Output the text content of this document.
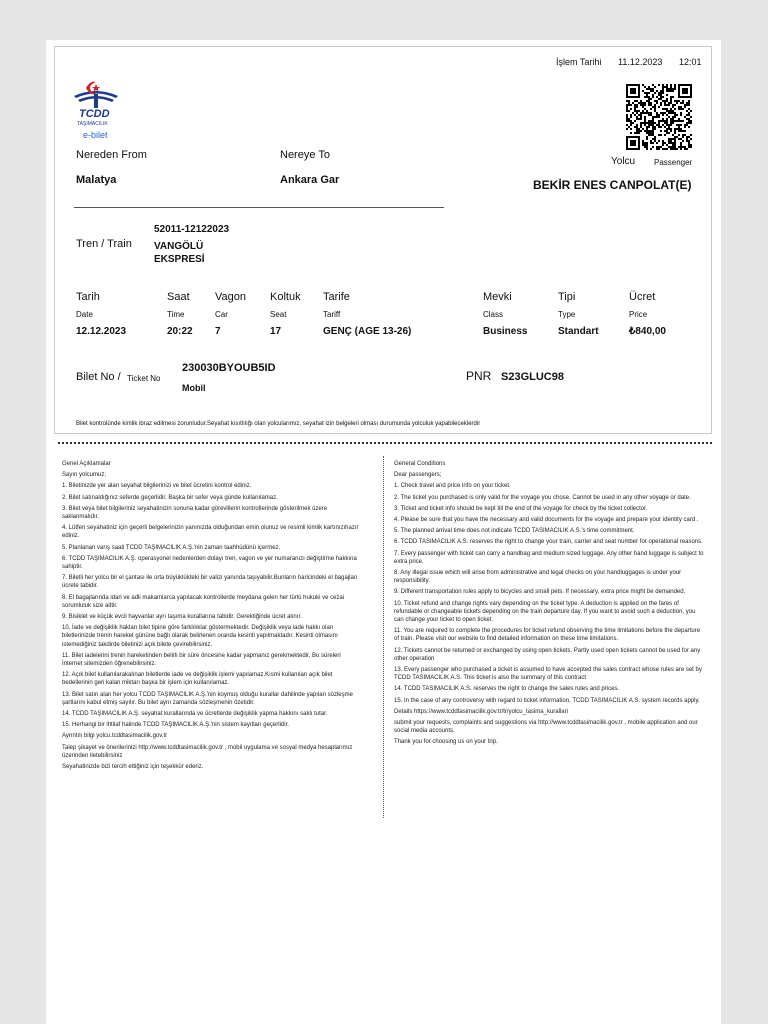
İşlem Tarihi 11.12.2023 12:01
TCDD
TAŞIMACILIK
e-bilet
Nereden From
Malatya
Nereye To
Ankara Gar
Yolcu Passenger
BEKİR ENES CANPOLAT(E)
Tren / Train
52011-12122023
VANGÖLÜ
EKSPRESİ
Tarih
Date
12.12.2023
Saat
Time
20:22
Vagon
Car
7
Koltuk
Seat
17
Tarife
Tariff
GENÇ (AGE 13-26)
Mevki
Class
Business
Tipi
Type
Standart
Ücret
Price
₺840,00
Bilet No / Ticket No
230030BYOUB5ID
Mobil
PNR S23GLUC98
Bilet kontrolünde kimlik ibraz edilmesi zorunludur.Seyahat kısıtlılığı olan yolcularımız, seyahat izin belgeleri olması durumunda yolculuk yapabileceklerdir

Genel Açıklamalar

Sayın yolcumuz;

1. Biletinizde yer alan seyahat bilgilerinizi ve bilet ücretini kontrol ediniz.

2. Bilet satınaldığınız seferde geçerlidir. Başka bir sefer veya günde kullanılamaz.

3. Bilet veya bilet bilgileriniz seyahatinizin sonuna kadar görevlilerin kontrollerinde gösterilmek üzere saklanmalıdır.

4. Lütfen seyahatiniz için geçerli belgelerinizin yanınızda olduğundan emin olunuz ve resimli kimlik kartınızıhazır ediniz.

5. Planlanan varış saati TCDD TAŞIMACILIK A.Ş.'nin zaman taahhüdünü içermez.

6. TCDD TAŞIMACILIK A.Ş. operasyonel nedenlerden dolayı tren, vagon ve yer numaranızı değiştirme hakkına sahiptir.

7. Biletli her yolcu bir el çantası ile orta büyüklükteki bir valizi yanında taşıyabilir.Bunların haricindeki el bagajları ücrete tabidir.

8. El bagajlarında idari ve adli makamlarca yapılacak kontrollerde meydana gelen her türlü hukuki ve cezai sorumluluk size aittir.

9. Bisiklet ve küçük evcil hayvanlar ayrı taşıma kurallarına tabidir. Gerektiğinde ücret alınır.

10. İade ve değişiklik hakları bilet tipine göre farklılıklar göstermektedir. Değişiklik veya iade hakkı olan biletlerinizde trenin hareket gününe bağlı olarak belirlenen oranda kesinti yapılmaktadır. Kesinti olmasını istemediğiniz takdirde biletinizi açık bilete çevirebilirsiniz.

11. Bilet iadelerini trenin hareketinden belirli bir süre öncesine kadar yapmanız gerekmektedir. Bu süreleri İnternet sitemizden öğrenebilirsiniz.

12. Açık bilet kullanılarakalınan biletlerde iade ve değişiklik işlemi yapılamaz.Kısmi kullanılan açık bilet bedellerinin geri kalan miktarı başka bir işlem için kullanılamaz.

13. Bilet satın alan her yolcu TCDD TAŞIMACILIK A.Ş.'nin koymuş olduğu kurallar dahilinde yapılan sözleşme şartlarını kabul etmiş sayılır. Bu bilet aynı zamanda sözleşmenin özetidir.

14. TCDD TAŞIMACILIK A.Ş. seyahat kurallarında ve ücretlerde değişiklik yapma hakkını saklı tutar.

15. Herhangi bir ihtilaf halinde TCDD TAŞIMACILIK A.Ş.'nin sistem kayıtları geçerlidir.

Ayrıntılı bilgi yolcu.tcddtasimacilik.gov.tr

Talep şikayet ve önerilerinizi http://www.tcddtasimacilik.gov.tr , mobil uygulama ve sosyal medya hesaplarımız üzerinden iletebilirsiniz

Seyahatinizde bizi tercih ettiğiniz için teşekkür ederiz.

General Conditions

Dear passengers;

1. Check travel and price info on your ticket.

2. The ticket you purchased is only valid for the voyage you chose. Cannot be used in any other voyage or date.

3. Ticket and ticket info should be kept till the end of the voyage for check by the ticket collector.

4. Please be sure that you have the necessary and valid documents for the voyage and prepare your identity card .

5. The planned arrival time does not indicate TCDD TASIMACILIK A.S.'s time commitment.

6. TCDD TASIMACILIK A.S. reserves the right to change your train, carrier and seat number for operational reasons.

7. Every passenger with ticket can carry a handbag and medium sized luggage. Any other hand luggage is subject to extra price.

8. Any illegal issue which will arise from administrative and legal checks on your handluggages is under your responsibility.

9. Different transportation rules apply to bicycles and small pets. If necessary, extra price might be demanded.

10. Ticket refund and change rights vary depending on the ticket type. A deduction is applied on the fares of refundable or changeable tickets depending on the train departure day. If you want to avoid such a deduction, you can change your ticket to open ticket.

11. You are required to complete the procedures for ticket refund observing the time limitations before the departure of train. Please visit our website to find detailed information on these time limitations.

12. Tickets cannot be returned or exchanged by using open tickets. Partly used open tickets cannot be used for any other operation

13. Every passenger who purchased a ticket is assumed to have accepted the sales contract whose rules are set by TCDD TASIMACILIK A.S. This ticket is also the summary of this contract

14. TCDD TASIMACILIK A.S. reserves the right to change the sales rules and prices.

15. In the case of any controversy with regard to ticket information, TCDD TASIMACILIK A.S. system records apply.

Details https://www.tcddtasimacilik.gov.tr/tr/yolcu_tasima_kurallari

submit your requests, complaints and suggestions via http://www.tcddtasimacilik.gov.tr , mobile application and our social media accounts.

Thank you for choosing us on your trip.
